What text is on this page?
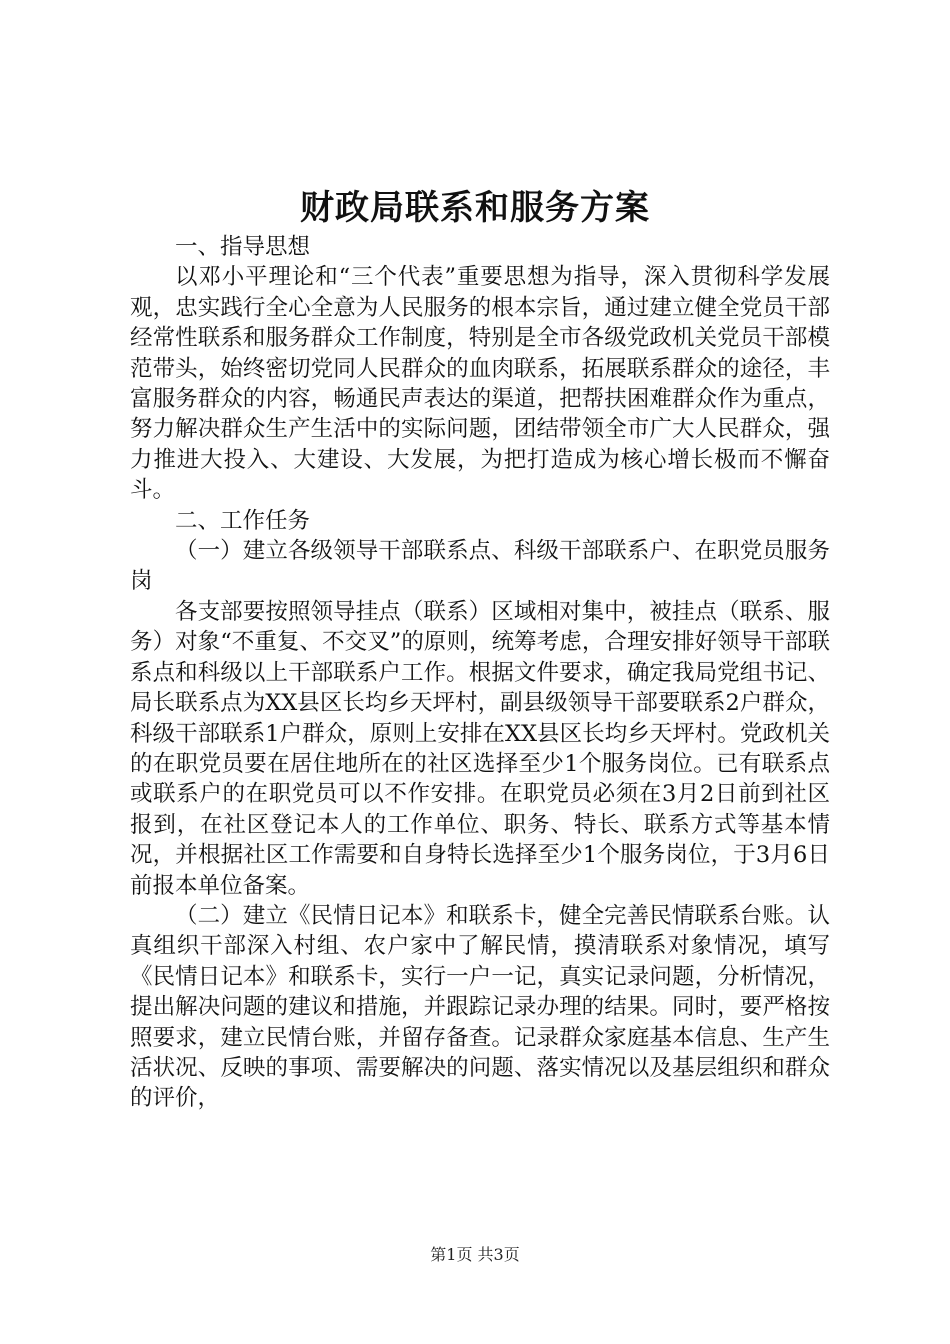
财政局联系和服务方案

一、指导思想

以邓小平理论和“三个代表”重要思想为指导，深入贯彻科学发展观，忠实践行全心全意为人民服务的根本宗旨，通过建立健全党员干部经常性联系和服务群众工作制度，特别是全市各级党政机关党员干部模范带头，始终密切党同人民群众的血肉联系，拓展联系群众的途径，丰富服务群众的内容，畅通民声表达的渠道，把帮扶困难群众作为重点，努力解决群众生产生活中的实际问题，团结带领全市广大人民群众，强力推进大投入、大建设、大发展，为把打造成为核心增长极而不懈奋斗。

二、工作任务

（一）建立各级领导干部联系点、科级干部联系户、在职党员服务岗

各支部要按照领导挂点（联系）区域相对集中，被挂点（联系、服务）对象“不重复、不交叉”的原则，统筹考虑，合理安排好领导干部联系点和科级以上干部联系户工作。根据文件要求，确定我局党组书记、局长联系点为XX县区长均乡天坪村，副县级领导干部要联系2户群众，科级干部联系1户群众，原则上安排在XX县区长均乡天坪村。党政机关的在职党员要在居住地所在的社区选择至少1个服务岗位。已有联系点或联系户的在职党员可以不作安排。在职党员必须在3月2日前到社区报到，在社区登记本人的工作单位、职务、特长、联系方式等基本情况，并根据社区工作需要和自身特长选择至少1个服务岗位，于3月6日前报本单位备案。

（二）建立《民情日记本》和联系卡，健全完善民情联系台账。认真组织干部深入村组、农户家中了解民情，摸清联系对象情况，填写《民情日记本》和联系卡，实行一户一记，真实记录问题，分析情况，提出解决问题的建议和措施，并跟踪记录办理的结果。同时，要严格按照要求，建立民情台账，并留存备查。记录群众家庭基本信息、生产生活状况、反映的事项、需要解决的问题、落实情况以及基层组织和群众的评价，

第1页 共3页
